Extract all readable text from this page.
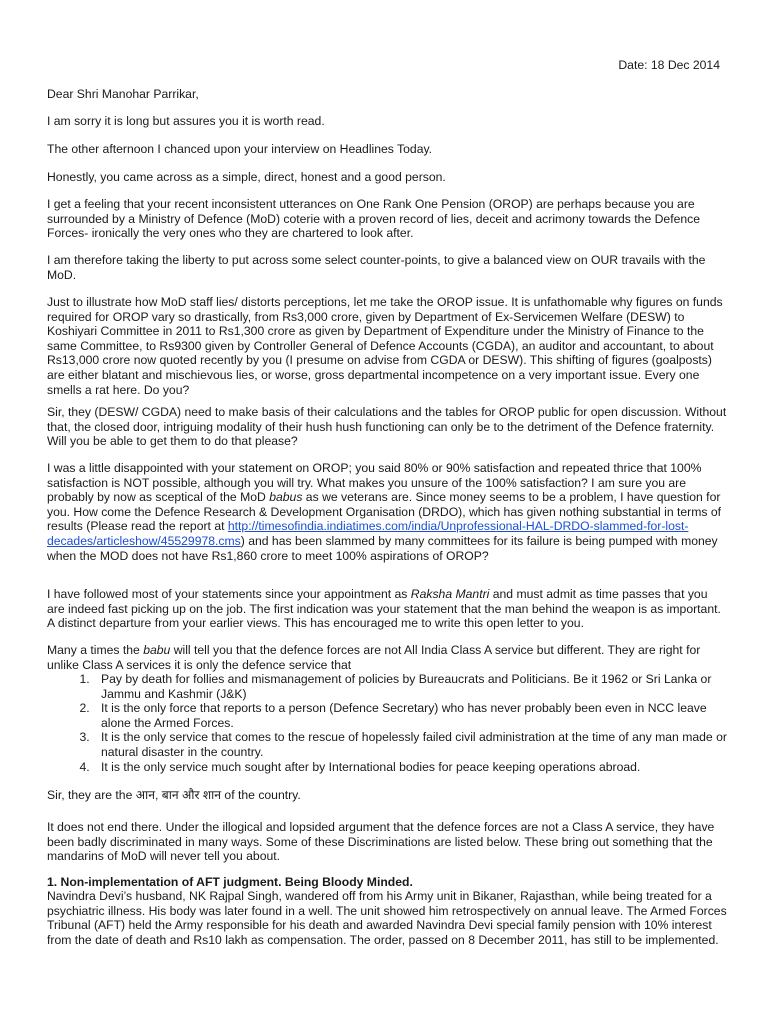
Date: 18 Dec 2014

Dear Shri Manohar Parrikar,

I am sorry it is long but assures you it is worth read.

The other afternoon I chanced upon your interview on Headlines Today.

Honestly, you came across as a simple, direct, honest and a good person.

I get a feeling that your recent inconsistent utterances on One Rank One Pension (OROP) are perhaps because you are surrounded by a Ministry of Defence (MoD) coterie with a proven record of lies, deceit and acrimony towards the Defence Forces- ironically the very ones who they are chartered to look after.

I am therefore taking the liberty to put across some select counter-points, to give a balanced view on OUR travails with the MoD.

Just to illustrate how MoD staff lies/ distorts perceptions, let me take the OROP issue. It is unfathomable why figures on funds required for OROP vary so drastically, from Rs3,000 crore, given by Department of Ex-Servicemen Welfare (DESW) to Koshiyari Committee in 2011 to Rs1,300 crore as given by Department of Expenditure under the Ministry of Finance to the same Committee, to Rs9300 given by Controller General of Defence Accounts (CGDA), an auditor and accountant, to about Rs13,000 crore now quoted recently by you (I presume on advise from CGDA or DESW). This shifting of figures (goalposts) are either blatant and mischievous lies, or worse, gross departmental incompetence on a very important issue. Every one smells a rat here. Do you?

Sir, they (DESW/ CGDA) need to make basis of their calculations and the tables for OROP public for open discussion. Without that, the closed door, intriguing modality of their hush hush functioning can only be to the detriment of the Defence fraternity. Will you be able to get them to do that please?

I was a little disappointed with your statement on OROP; you said 80% or 90% satisfaction and repeated thrice that 100% satisfaction is NOT possible, although you will try. What makes you unsure of the 100% satisfaction? I am sure you are probably by now as sceptical of the MoD babus as we veterans are. Since money seems to be a problem, I have question for you. How come the Defence Research & Development Organisation (DRDO), which has given nothing substantial in terms of results (Please read the report at http://timesofindia.indiatimes.com/india/Unprofessional-HAL-DRDO-slammed-for-lost-decades/articleshow/45529978.cms) and has been slammed by many committees for its failure is being pumped with money when the MOD does not have Rs1,860 crore to meet 100% aspirations of OROP?

I have followed most of your statements since your appointment as Raksha Mantri and must admit as time passes that you are indeed fast picking up on the job. The first indication was your statement that the man behind the weapon is as important. A distinct departure from your earlier views. This has encouraged me to write this open letter to you.

Many a times the babu will tell you that the defence forces are not All India Class A service but different. They are right for unlike Class A services it is only the defence service that

1. Pay by death for follies and mismanagement of policies by Bureaucrats and Politicians. Be it 1962 or Sri Lanka or Jammu and Kashmir (J&K)
2. It is the only force that reports to a person (Defence Secretary) who has never probably been even in NCC leave alone the Armed Forces.
3. It is the only service that comes to the rescue of hopelessly failed civil administration at the time of any man made or natural disaster in the country.
4. It is the only service much sought after by International bodies for peace keeping operations abroad.

Sir, they are the आन, बान और शान of the country.

It does not end there. Under the illogical and lopsided argument that the defence forces are not a Class A service, they have been badly discriminated in many ways. Some of these Discriminations are listed below. These bring out something that the mandarins of MoD will never tell you about.

1. Non-implementation of AFT judgment. Being Bloody Minded.

Navindra Devi’s husband, NK Rajpal Singh, wandered off from his Army unit in Bikaner, Rajasthan, while being treated for a psychiatric illness. His body was later found in a well. The unit showed him retrospectively on annual leave. The Armed Forces Tribunal (AFT) held the Army responsible for his death and awarded Navindra Devi special family pension with 10% interest from the date of death and Rs10 lakh as compensation. The order, passed on 8 December 2011, has still to be implemented.
